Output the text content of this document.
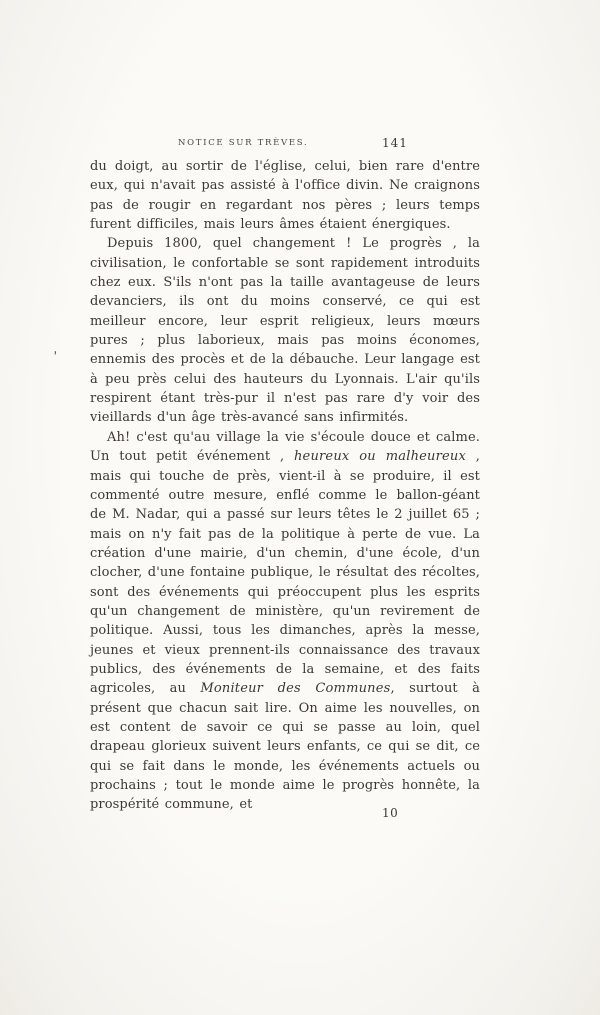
NOTICE SUR TRÈVES.	141
,

du doigt, au sortir de l'église, celui, bien rare d'entre eux, qui n'avait pas assisté à l'office divin. Ne craignons pas de rougir en regardant nos pères ; leurs temps furent difficiles, mais leurs âmes étaient énergiques.

Depuis 1800, quel changement ! Le progrès , la civilisation, le confortable se sont rapidement introduits chez eux. S'ils n'ont pas la taille avantageuse de leurs devanciers, ils ont du moins conservé, ce qui est meilleur encore, leur esprit religieux, leurs mœurs pures ; plus laborieux, mais pas moins économes, ennemis des procès et de la débauche. Leur langage est à peu près celui des hauteurs du Lyonnais. L'air qu'ils respirent étant très-pur il n'est pas rare d'y voir des vieillards d'un âge très-avancé sans infirmités.

Ah! c'est qu'au village la vie s'écoule douce et calme. Un tout petit événement , heureux ou malheureux , mais qui touche de près, vient-il à se produire, il est commenté outre mesure, enflé comme le ballon-géant de M. Nadar, qui a passé sur leurs têtes le 2 juillet 65 ; mais on n'y fait pas de la politique à perte de vue. La création d'une mairie, d'un chemin, d'une école, d'un clocher, d'une fontaine publique, le résultat des récoltes, sont des événements qui préoccupent plus les esprits qu'un changement de ministère, qu'un revirement de politique. Aussi, tous les dimanches, après la messe, jeunes et vieux prennent-ils connaissance des travaux publics, des événements de la semaine, et des faits agricoles, au Moniteur des Communes, surtout à présent que chacun sait lire. On aime les nouvelles, on est content de savoir ce qui se passe au loin, quel drapeau glorieux suivent leurs enfants, ce qui se dit, ce qui se fait dans le monde, les événements actuels ou prochains ; tout le monde aime le progrès honnête, la prospérité commune, et

10
